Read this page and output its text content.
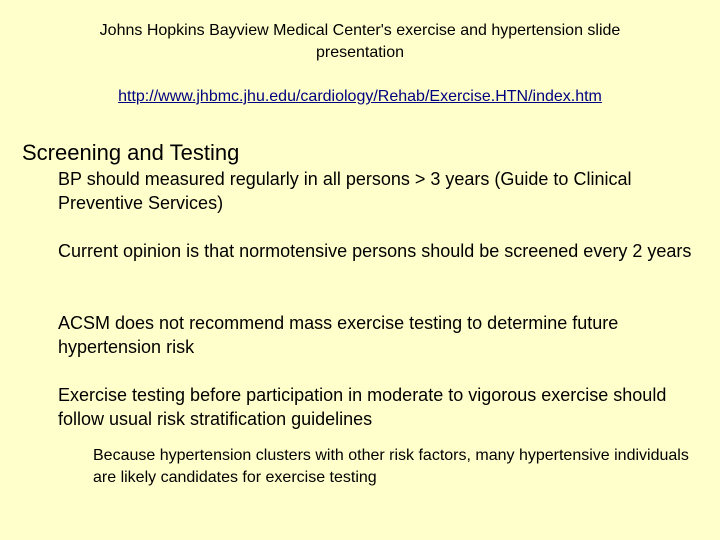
Johns Hopkins Bayview Medical Center's exercise and hypertension slide presentation
http://www.jhbmc.jhu.edu/cardiology/Rehab/Exercise.HTN/index.htm
Screening and Testing
BP should measured regularly in all persons > 3 years (Guide to Clinical Preventive Services)
Current opinion is that normotensive persons should be screened every 2 years
ACSM does not recommend mass exercise testing to determine future hypertension risk
Exercise testing before participation in moderate to vigorous exercise should follow usual risk stratification guidelines
Because hypertension clusters with other risk factors, many hypertensive individuals are likely candidates for exercise testing
